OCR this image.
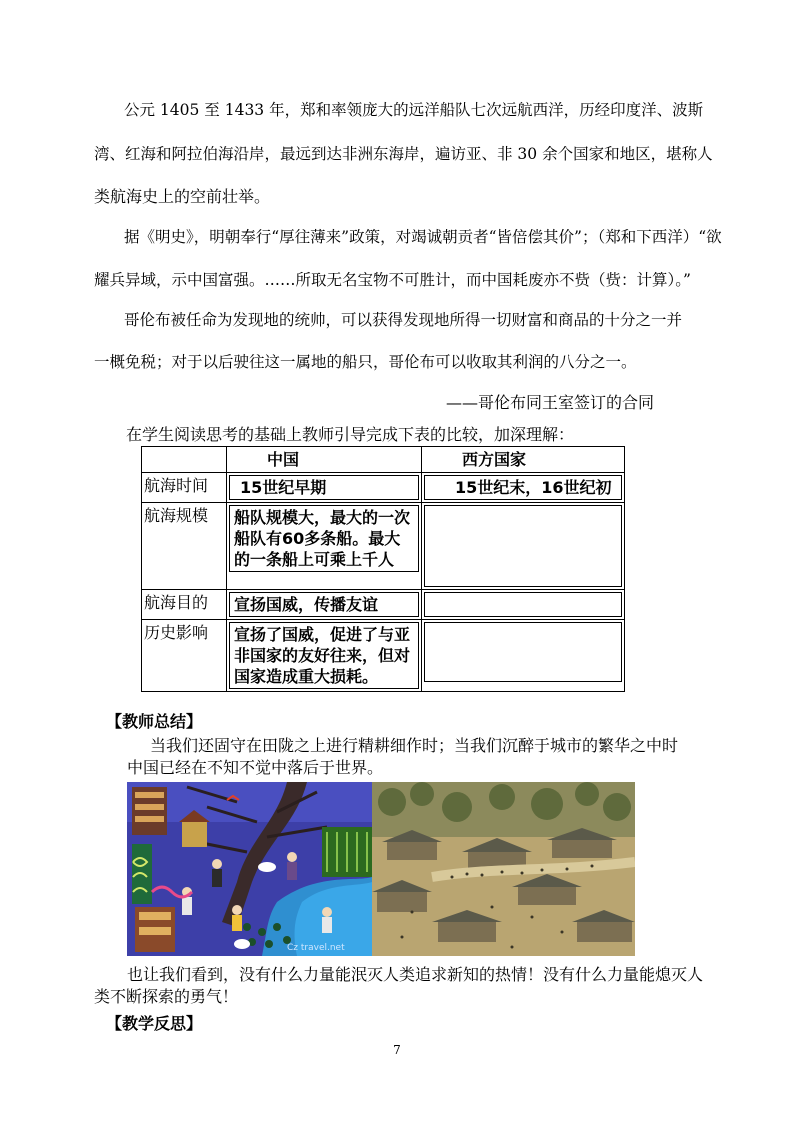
公元 1405 至 1433 年，郑和率领庞大的远洋船队七次远航西洋，历经印度洋、波斯
湾、红海和阿拉伯海沿岸，最远到达非洲东海岸，遍访亚、非 30 余个国家和地区，堪称人
类航海史上的空前壮举。
据《明史》，明朝奉行“厚往薄来”政策，对竭诚朝贡者“皆倍偿其价”；（郑和下西洋）“欲
耀兵异域，示中国富强。……所取无名宝物不可胜计，而中国耗废亦不赀（赀：计算）。”
哥伦布被任命为发现地的统帅，可以获得发现地所得一切财富和商品的十分之一并
一概免税；对于以后驶往这一属地的船只，哥伦布可以收取其利润的八分之一。
——哥伦布同王室签订的合同
在学生阅读思考的基础上教师引导完成下表的比较，加深理解：
	中国	西方国家
航海时间	15世纪早期	15世纪末，16世纪初

航海规模	船队规模大，最大的一次船队有60多条船。最大的一条船上可乘上千人	

航海目的	宣扬国威，传播友谊	

历史影响	宣扬了国威，促进了与亚非国家的友好往来，但对国家造成重大损耗。	

【教师总结】
当我们还固守在田陇之上进行精耕细作时；当我们沉醉于城市的繁华之中时
中国已经在不知不觉中落后于世界。
Cz travel.net
也让我们看到，没有什么力量能泯灭人类追求新知的热情！没有什么力量能熄灭人
类不断探索的勇气！
【教学反思】
7
